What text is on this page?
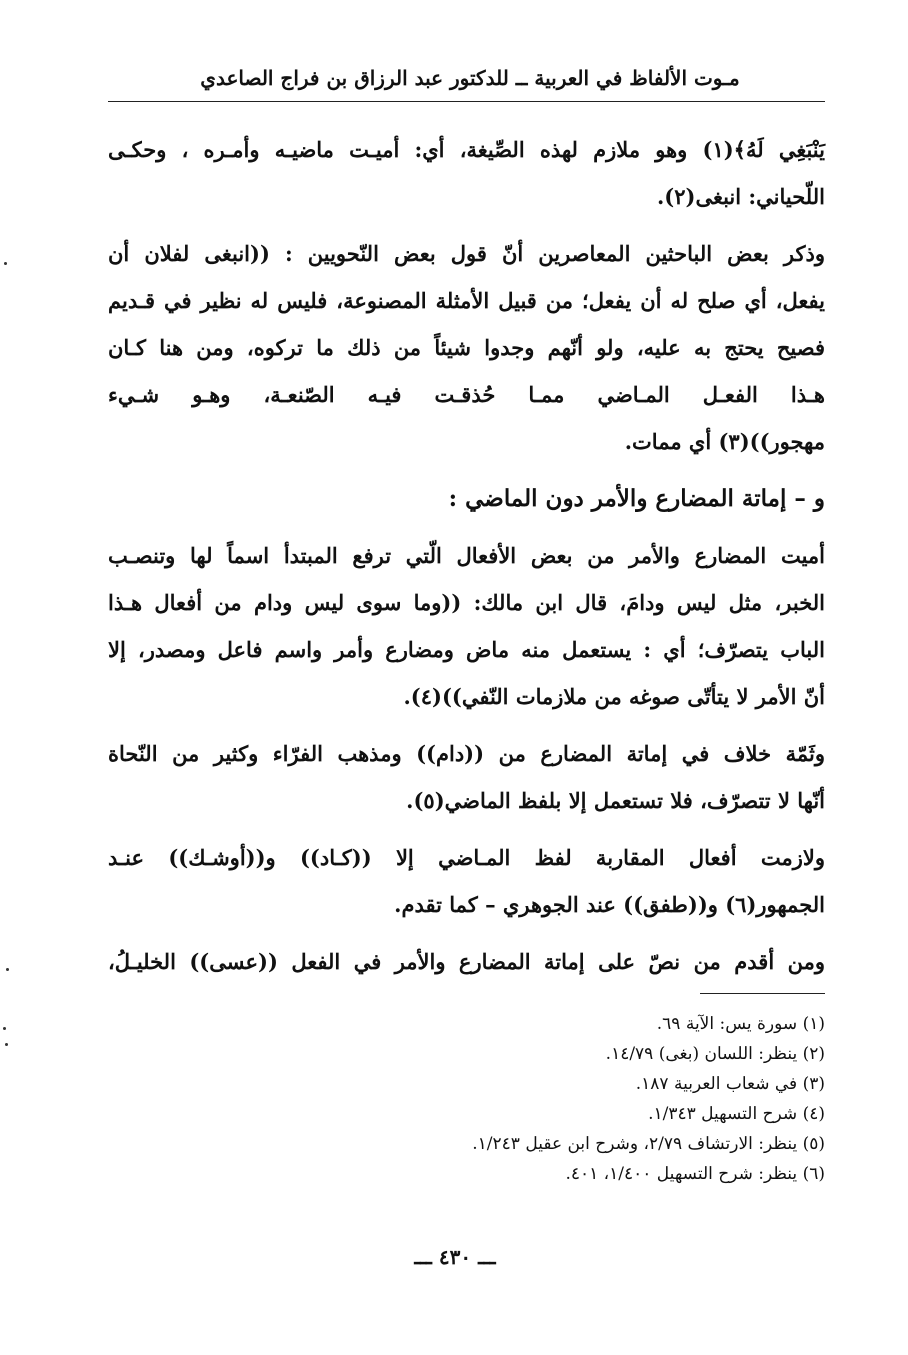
مـوت الألفاظ في العربية ــ للدكتور عبد الرزاق بن فراج الصاعدي

يَنْبَغِي لَهُ﴾(١) وهو ملازم لهذه الصِّيغة، أي: أميـت ماضيـه وأمـره ، وحكـى
اللّحياني: انبغى(٢).

وذكر بعض الباحثين المعاصرين أنّ قول بعض النّحويين : ((انبغى لفلان أن
يفعل، أي صلح له أن يفعل؛ من قبيل الأمثلة المصنوعة، فليس له نظير في قـديم
فصيح يحتج به عليه، ولو أنّهم وجدوا شيئاً من ذلك ما تركوه، ومن هنا كـان
هـذا الفعـل المـاضي ممـا حُذقـت فيـه الصّنعـة، وهـو شـيء
مهجور))(٣) أي ممات.

و – إماتة المضارع والأمر دون الماضي :

أميت المضارع والأمر من بعض الأفعال الّتي ترفع المبتدأ اسماً لها وتنصـب
الخبر، مثل ليس ودامَ، قال ابن مالك: ((وما سوى ليس ودام من أفعال هـذا
الباب يتصرّف؛ أي : يستعمل منه ماض ومضارع وأمر واسم فاعل ومصدر، إلا
أنّ الأمر لا يتأتّى صوغه من ملازمات النّفي))(٤).

وثَمّة خلاف في إماتة المضارع من ((دام)) ومذهب الفرّاء وكثير من النّحاة
أنّها لا تتصرّف، فلا تستعمل إلا بلفظ الماضي(٥).

ولازمت أفعال المقاربة لفظ المـاضي إلا ((كـاد)) و((أوشـك)) عنـد
الجمهور(٦) و((طفق)) عند الجوهري – كما تقدم.

ومن أقدم من نصّ على إماتة المضارع والأمر في الفعل ((عسى)) الخليـلُ،

(١) سورة يس: الآية ٦٩.
(٢) ينظر: اللسان (بغى) ١٤/٧٩.
(٣) في شعاب العربية ١٨٧.
(٤) شرح التسهيل ١/٣٤٣.
(٥) ينظر: الارتشاف ٢/٧٩، وشرح ابن عقيل ١/٢٤٣.
(٦) ينظر: شرح التسهيل ١/٤٠٠، ٤٠١.
ـــ ٤٣٠ ـــ
